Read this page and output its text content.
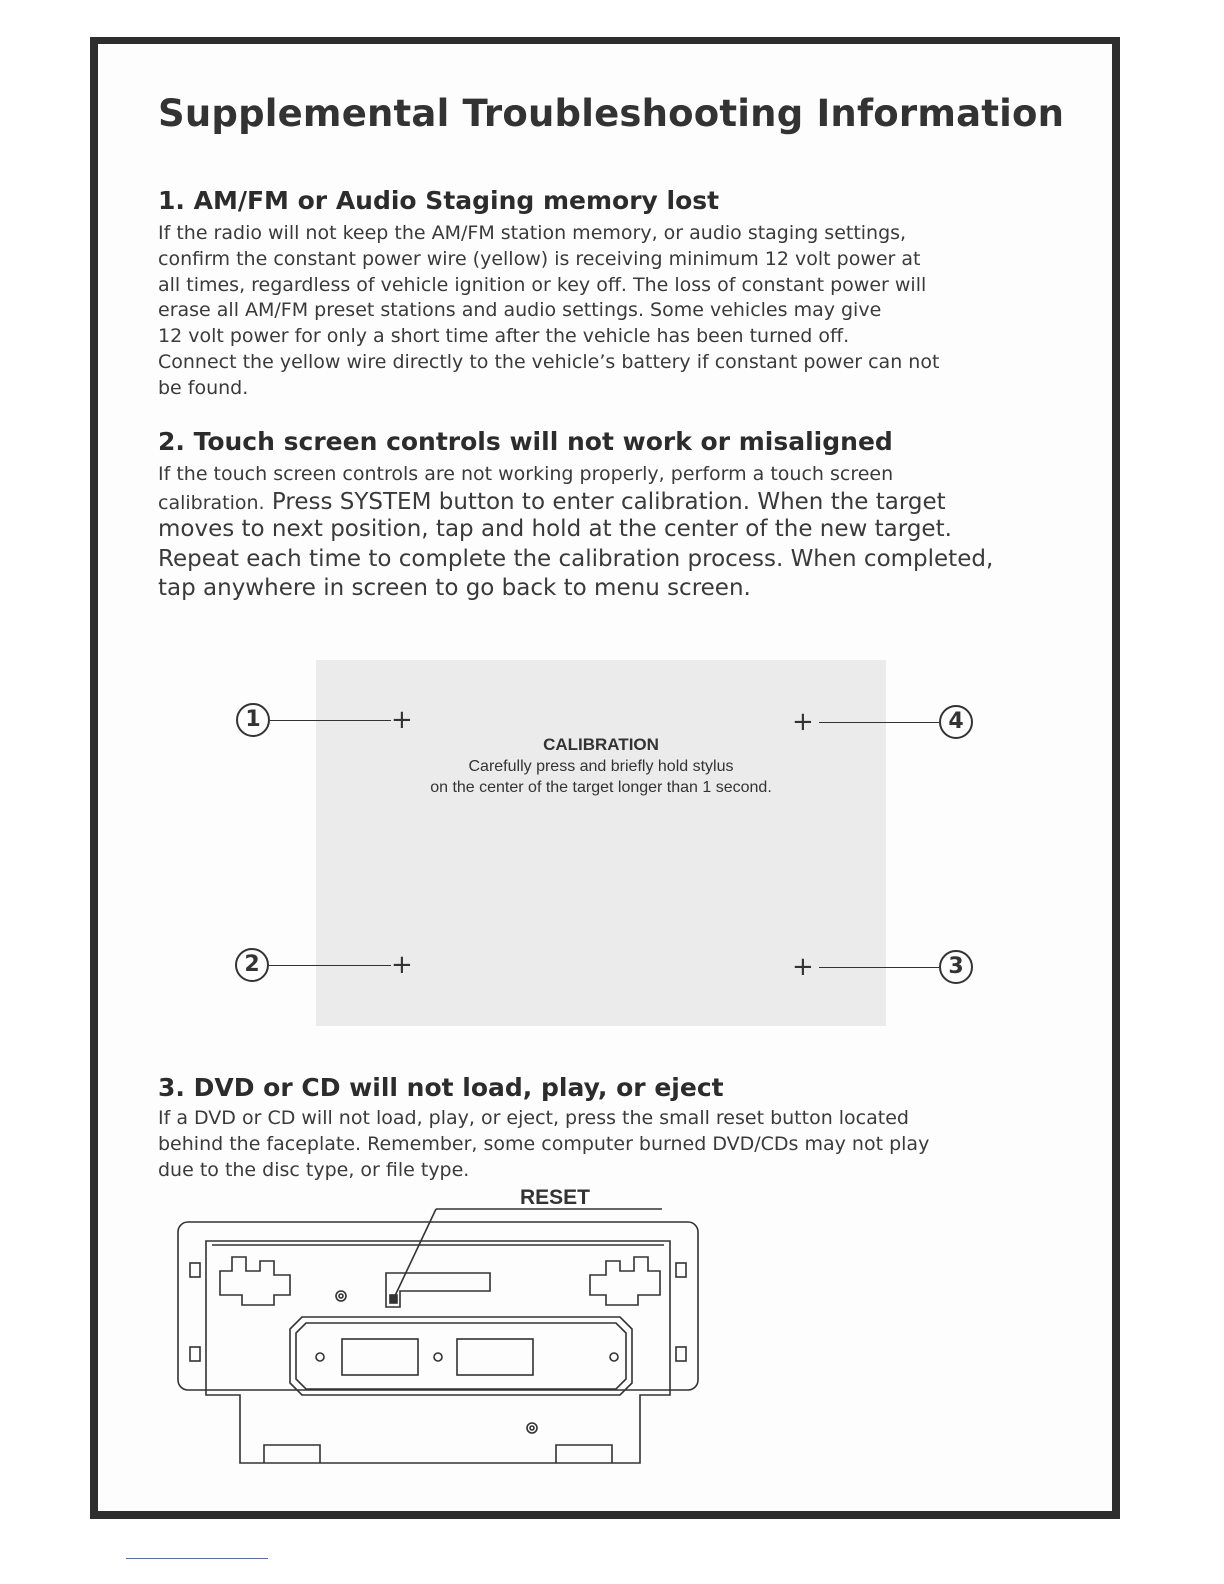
Supplemental Troubleshooting Information
1. AM/FM or Audio Staging memory lost
If the radio will not keep the AM/FM station memory, or audio staging settings,
confirm the constant power wire (yellow) is receiving minimum 12 volt power at
all times, regardless of vehicle ignition or key off. The loss of constant power will
erase all AM/FM preset stations and audio settings. Some vehicles may give
12 volt power for only a short time after the vehicle has been turned off.
Connect the yellow wire directly to the vehicle’s battery if constant power can not
be found.
2. Touch screen controls will not work or misaligned
If the touch screen controls are not working properly, perform a touch screen
calibration. Press SYSTEM button to enter calibration. When the target
moves to next position, tap and hold at the center of the new target.
Repeat each time to complete the calibration process. When completed,
tap anywhere in screen to go back to menu screen.
CALIBRATION
Carefully press and briefly hold stylus
on the center of the target longer than 1 second.
1	+	4
+
2	+	3
+
3. DVD or CD will not load, play, or eject
If a DVD or CD will not load, play, or eject, press the small reset button located
behind the faceplate. Remember, some computer burned DVD/CDs may not play
due to the disc type, or file type.
RESET
